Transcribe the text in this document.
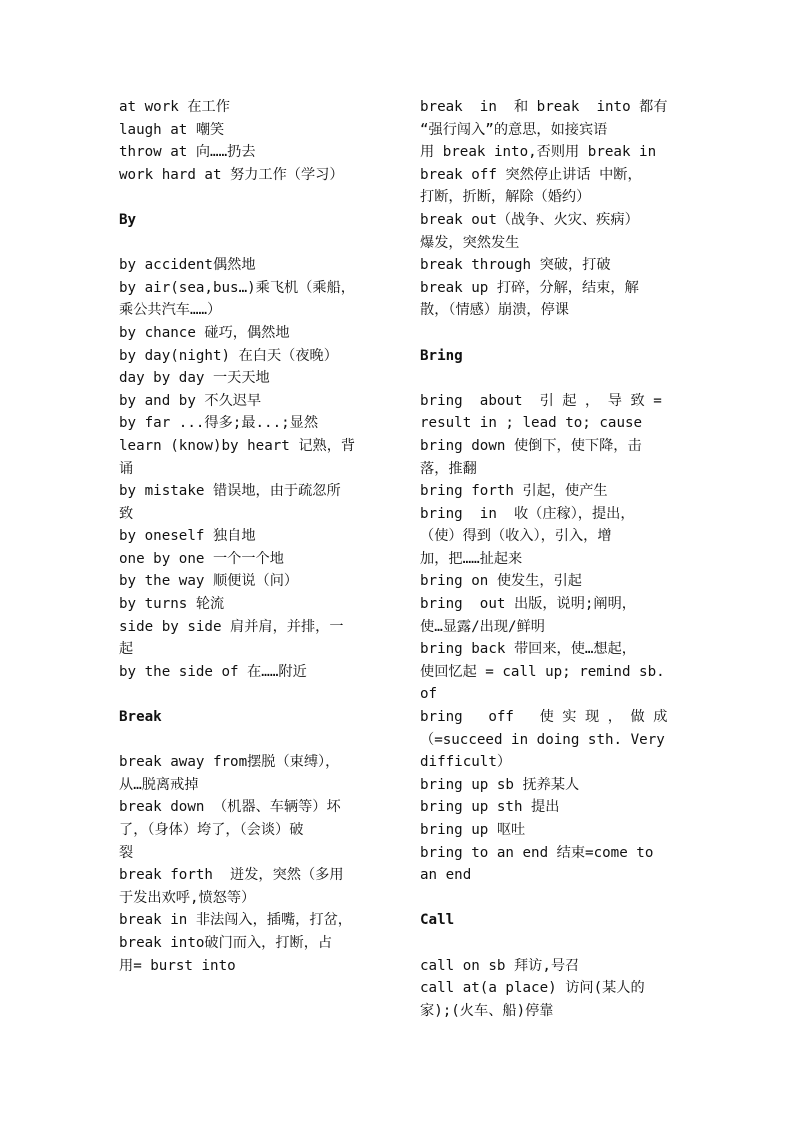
at work 在工作
laugh at 嘲笑
throw at 向……扔去
work hard at 努力工作（学习）
By
by accident偶然地
by air(sea,bus…)乘飞机（乘船，
乘公共汽车……）
by chance 碰巧，偶然地
by day(night) 在白天（夜晚）
day by day 一天天地
by and by 不久迟早
by far ...得多;最...;显然
learn (know)by heart 记熟，背
诵
by mistake 错误地，由于疏忽所
致
by oneself 独自地
one by one 一个一个地
by the way 顺便说（问）
by turns 轮流
side by side 肩并肩，并排，一
起
by the side of 在……附近
Break
break away from摆脱（束缚），
从…脱离戒掉
break down （机器、车辆等）坏
了，（身体）垮了，（会谈）破
裂
break forth  迸发，突然（多用
于发出欢呼,愤怒等）
break in 非法闯入，插嘴，打岔，
break into破门而入，打断，占
用= burst into
break  in  和 break  into 都有
“强行闯入”的意思，如接宾语
用 break into,否则用 break in
break off 突然停止讲话 中断，
打断，折断，解除（婚约）
break out（战争、火灾、疾病）
爆发，突然发生
break through 突破，打破
break up 打碎，分解，结束，解
散，（情感）崩溃，停课
Bring
bring  about  引 起 ， 导 致 =
result in ; lead to; cause
bring down 使倒下，使下降，击
落，推翻
bring forth 引起，使产生
bring  in  收（庄稼），提出，
（使）得到（收入），引入，增
加，把……扯起来
bring on 使发生，引起
bring  out 出版，说明;阐明，
使…显露/出现/鲜明
bring back 带回来，使…想起，
使回忆起 = call up; remind sb.
of
bring   off   使 实 现 ， 做 成
（=succeed in doing sth. Very
difficult）
bring up sb 抚养某人
bring up sth 提出
bring up 呕吐
bring to an end 结束=come to
an end
Call
call on sb 拜访,号召
call at(a place) 访问(某人的
家);(火车、船)停靠
